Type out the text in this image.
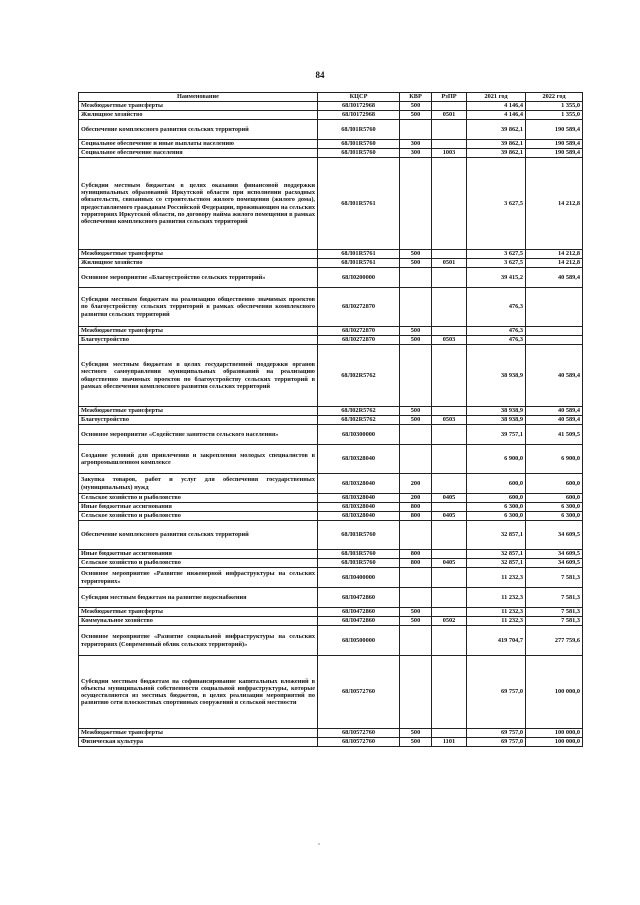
84
Наименование	КЦСР	КВР	РзПР	2021 год	2022 год
Межбюджетные трансферты	68Л0172968	500		4 146,4	1 355,0
Жилищное хозяйство	68Л0172968	500	0501	4 146,4	1 355,0
Обеспечение комплексного развития сельских территорий	68Л01R5760			39 862,1	190 589,4
Социальное обеспечение и иные выплаты населению	68Л01R5760	300		39 862,1	190 589,4
Социальное обеспечение населения	68Л01R5760	300	1003	39 862,1	190 589,4
Субсидии местным бюджетам в целях оказания финансовой поддержки муниципальных образований Иркутской области при исполнении расходных обязательств, связанных со строительством жилого помещения (жилого дома), предоставляемого гражданам Российской Федерации, проживающим на сельских территориях Иркутской области, по договору найма жилого помещения в рамках обеспечения комплексного развития сельских территорий	68Л01R5761			3 627,5	14 212,8
Межбюджетные трансферты	68Л01R5761	500		3 627,5	14 212,8
Жилищное хозяйство	68Л01R5761	500	0501	3 627,5	14 212,8
Основное мероприятие «Благоустройство сельских территорий»	68Л0200000			39 415,2	40 589,4
Субсидии местным бюджетам на реализацию общественно значимых проектов по благоустройству сельских территорий в рамках обеспечения комплексного развития сельских территорий	68Л0272870			476,3	
Межбюджетные трансферты	68Л0272870	500		476,3	
Благоустройство	68Л0272870	500	0503	476,3	
Субсидии местным бюджетам в целях государственной поддержки органов местного самоуправления муниципальных образований на реализацию общественно значимых проектов по благоустройству сельских территорий в рамках обеспечения комплексного развития сельских территорий	68Л02R5762			38 938,9	40 589,4
Межбюджетные трансферты	68Л02R5762	500		38 938,9	40 589,4
Благоустройство	68Л02R5762	500	0503	38 938,9	40 589,4
Основное мероприятие «Содействие занятости сельского населения»	68Л0300000			39 757,1	41 509,5
Создание условий для привлечения и закрепления молодых специалистов в агропромышленном комплексе	68Л0328040			6 900,0	6 900,0
Закупка товаров, работ и услуг для обеспечения государственных (муниципальных) нужд	68Л0328040	200		600,0	600,0
Сельское хозяйство и рыболовство	68Л0328040	200	0405	600,0	600,0
Иные бюджетные ассигнования	68Л0328040	800		6 300,0	6 300,0
Сельское хозяйство и рыболовство	68Л0328040	800	0405	6 300,0	6 300,0
Обеспечение комплексного развития сельских территорий	68Л03R5760			32 857,1	34 609,5
Иные бюджетные ассигнования	68Л03R5760	800		32 857,1	34 609,5
Сельское хозяйство и рыболовство	68Л03R5760	800	0405	32 857,1	34 609,5
Основное мероприятие «Развитие инженерной инфраструктуры на сельских территориях»	68Л0400000			11 232,3	7 581,3
Субсидии местным бюджетам на развитие водоснабжения	68Л0472860			11 232,3	7 581,3
Межбюджетные трансферты	68Л0472860	500		11 232,3	7 581,3
Коммунальное хозяйство	68Л0472860	500	0502	11 232,3	7 581,3
Основное мероприятие «Развитие социальной инфраструктуры на сельских территориях (Современный облик сельских территорий)»	68Л0500000			419 704,7	277 759,6
Субсидии местным бюджетам на софинансирование капитальных вложений в объекты муниципальной собственности социальной инфраструктуры, которые осуществляются из местных бюджетов, в целях реализации мероприятий по развитию сети плоскостных спортивных сооружений в сельской местности	68Л0572760			69 757,0	100 000,0
Межбюджетные трансферты	68Л0572760	500		69 757,0	100 000,0
Физическая культура	68Л0572760	500	1101	69 757,0	100 000,0
